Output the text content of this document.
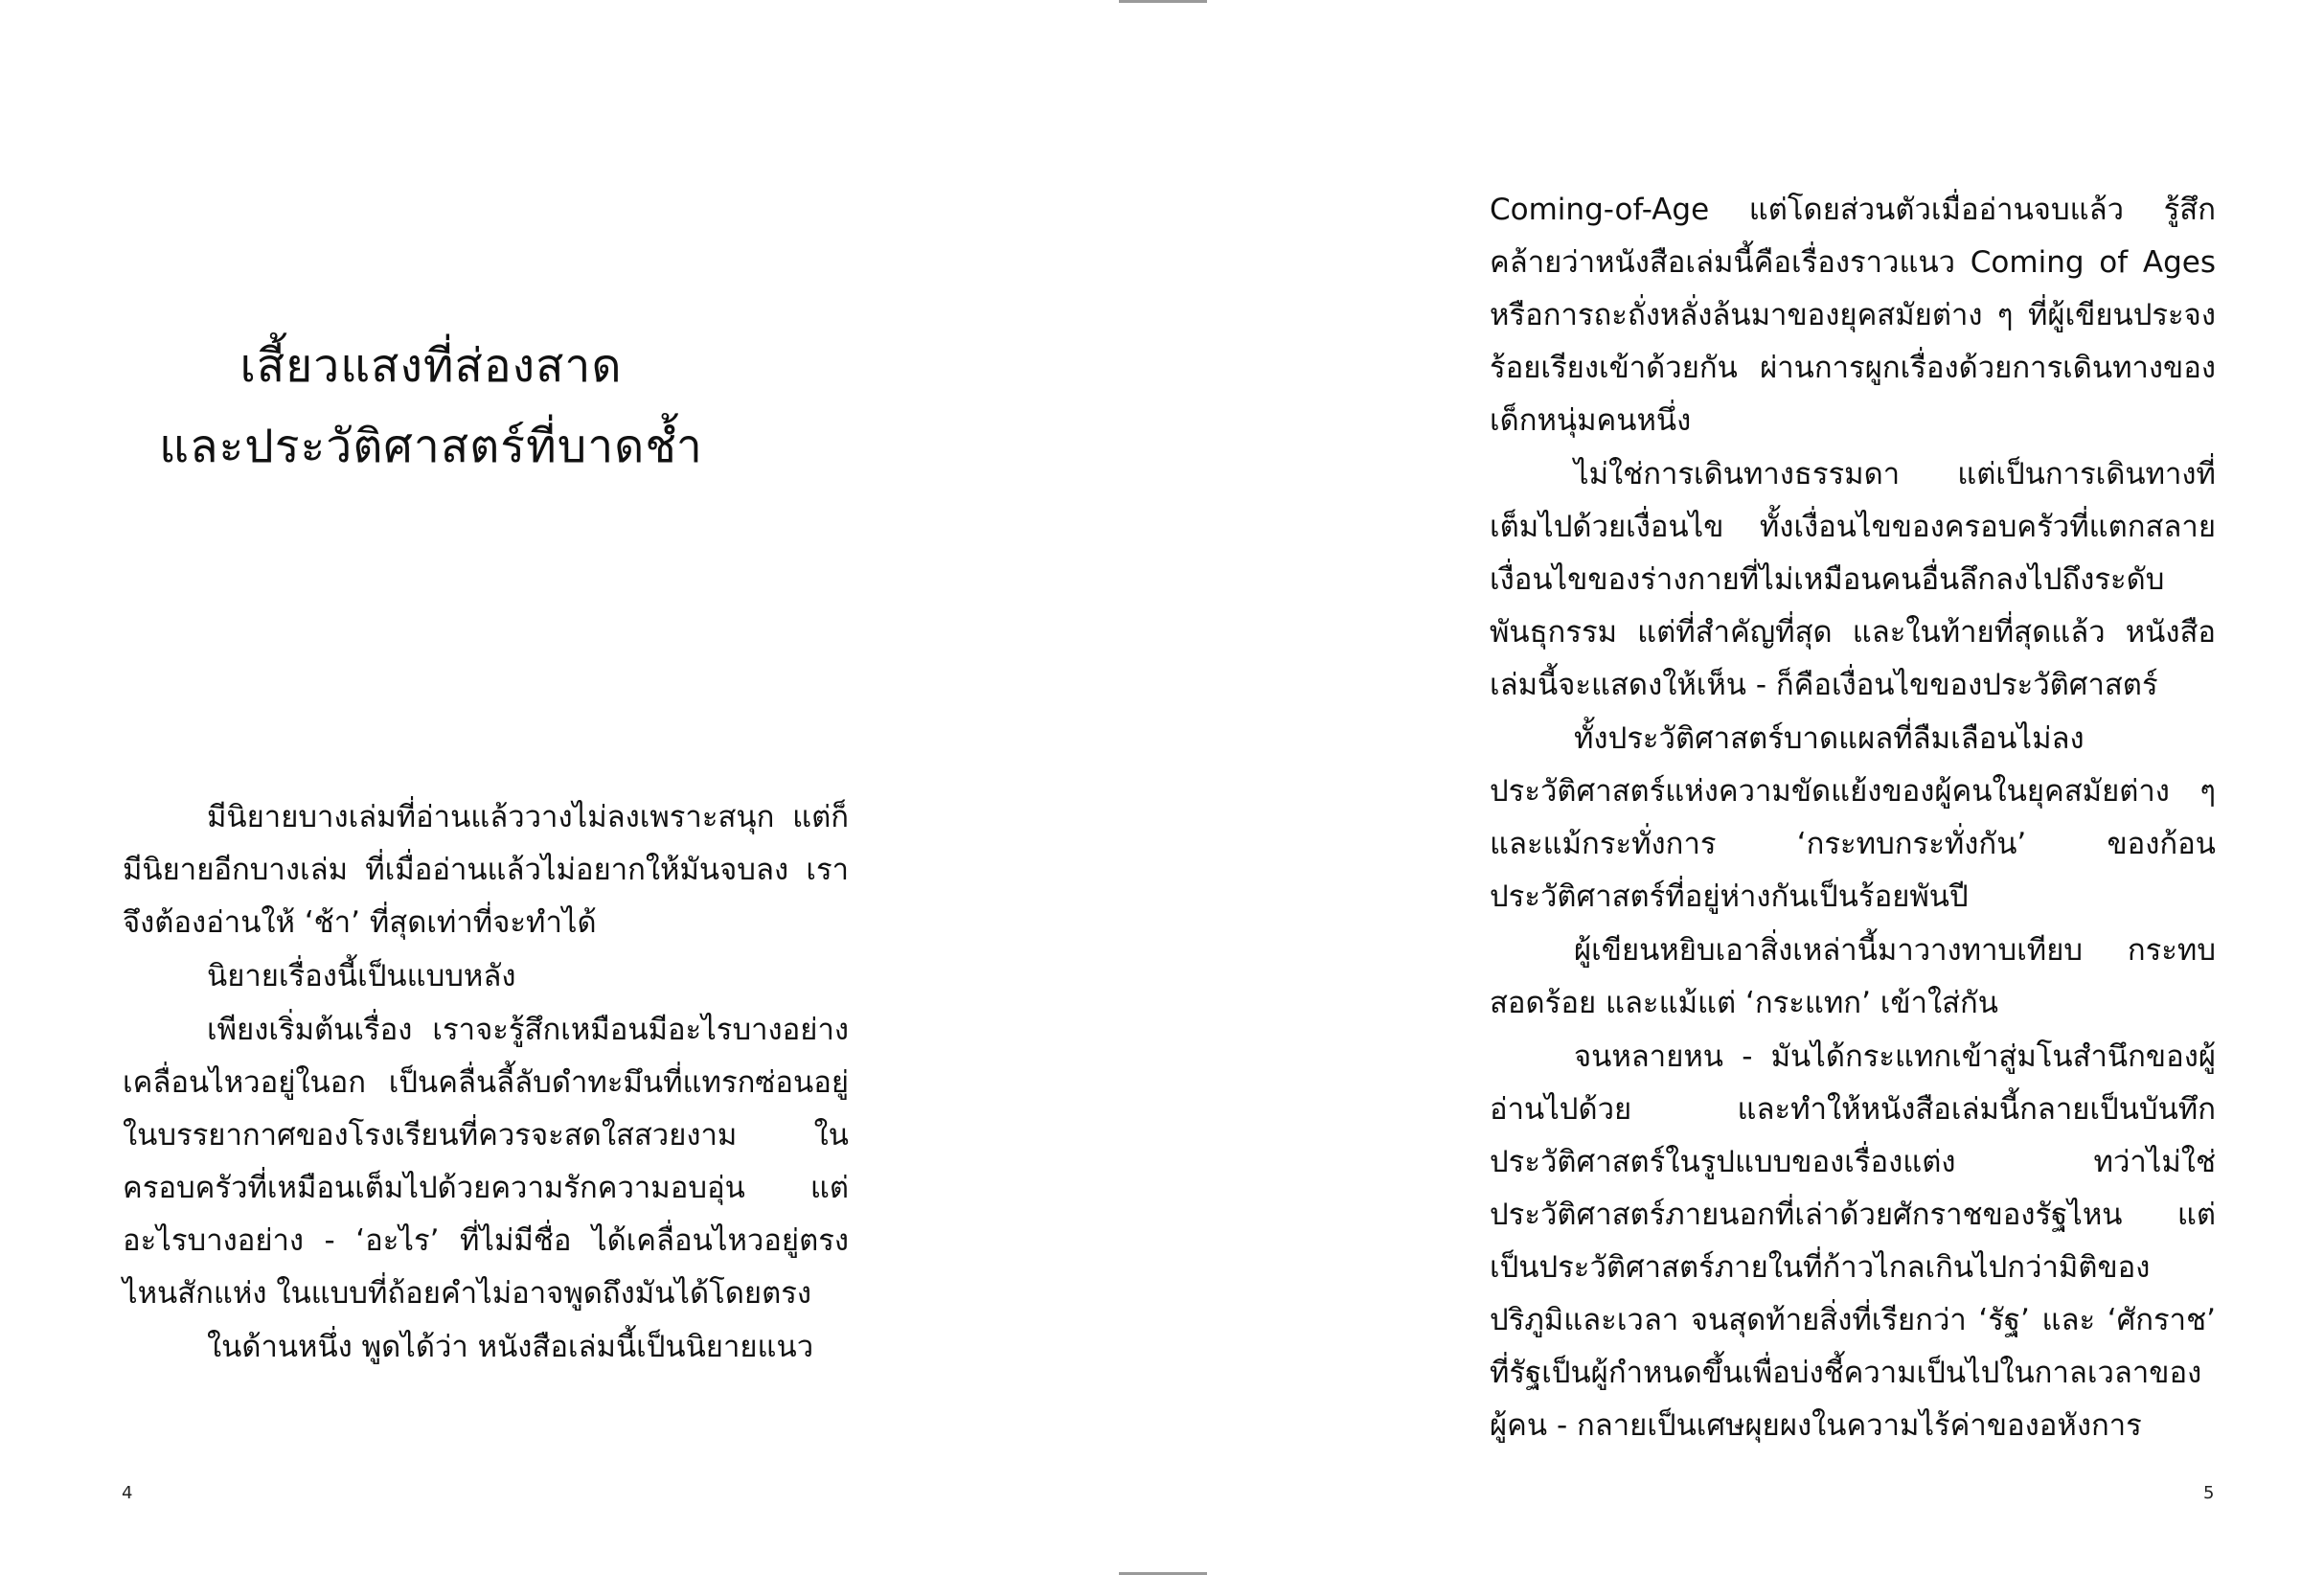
เสี้ยวแสงที่ส่องสาด
และประวัติศาสตร์ที่บาดช้ำ

มีนิยายบางเล่มที่อ่านแล้ววางไม่ลงเพราะสนุก แต่ก็มีนิยายอีกบางเล่ม ที่เมื่ออ่านแล้วไม่อยากให้มันจบลง เราจึงต้องอ่านให้ ‘ช้า’ ที่สุดเท่าที่จะทำได้

นิยายเรื่องนี้เป็นแบบหลัง

เพียงเริ่มต้นเรื่อง เราจะรู้สึกเหมือนมีอะไรบางอย่างเคลื่อนไหวอยู่ในอก เป็นคลื่นลี้ลับดำทะมึนที่แทรกซ่อนอยู่ในบรรยากาศของโรงเรียนที่ควรจะสดใสสวยงาม ในครอบครัวที่เหมือนเต็มไปด้วยความรักความอบอุ่น แต่อะไรบางอย่าง - ‘อะไร’ ที่ไม่มีชื่อ ได้เคลื่อนไหวอยู่ตรงไหนสักแห่ง ในแบบที่ถ้อยคำไม่อาจพูดถึงมันได้โดยตรง

ในด้านหนึ่ง พูดได้ว่า หนังสือเล่มนี้เป็นนิยายแนว

4

Coming-of-Age แต่โดยส่วนตัวเมื่ออ่านจบแล้ว รู้สึกคล้ายว่าหนังสือเล่มนี้คือเรื่องราวแนว Coming of Ages หรือการถะถั่งหลั่งล้นมาของยุคสมัยต่าง ๆ ที่ผู้เขียนประจงร้อยเรียงเข้าด้วยกัน ผ่านการผูกเรื่องด้วยการเดินทางของเด็กหนุ่มคนหนึ่ง

ไม่ใช่การเดินทางธรรมดา แต่เป็นการเดินทางที่เต็มไปด้วยเงื่อนไข ทั้งเงื่อนไขของครอบครัวที่แตกสลาย เงื่อนไขของร่างกายที่ไม่เหมือนคนอื่นลึกลงไปถึงระดับพันธุกรรม แต่ที่สำคัญที่สุด และในท้ายที่สุดแล้ว หนังสือเล่มนี้จะแสดงให้เห็น - ก็คือเงื่อนไขของประวัติศาสตร์

ทั้งประวัติศาสตร์บาดแผลที่ลืมเลือนไม่ลง ประวัติศาสตร์แห่งความขัดแย้งของผู้คนในยุคสมัยต่าง ๆ และแม้กระทั่งการ ‘กระทบกระทั่งกัน’ ของก้อนประวัติศาสตร์ที่อยู่ห่างกันเป็นร้อยพันปี

ผู้เขียนหยิบเอาสิ่งเหล่านี้มาวางทาบเทียบ กระทบสอดร้อย และแม้แต่ ‘กระแทก’ เข้าใส่กัน

จนหลายหน - มันได้กระแทกเข้าสู่มโนสำนึกของผู้อ่านไปด้วย และทำให้หนังสือเล่มนี้กลายเป็นบันทึกประวัติศาสตร์ในรูปแบบของเรื่องแต่ง ทว่าไม่ใช่ประวัติศาสตร์ภายนอกที่เล่าด้วยศักราชของรัฐไหน แต่เป็นประวัติศาสตร์ภายในที่ก้าวไกลเกินไปกว่ามิติของปริภูมิและเวลา จนสุดท้ายสิ่งที่เรียกว่า ‘รัฐ’ และ ‘ศักราช’ ที่รัฐเป็นผู้กำหนดขึ้นเพื่อบ่งชี้ความเป็นไปในกาลเวลาของผู้คน - กลายเป็นเศษผุยผงในความไร้ค่าของอหังการ

5
